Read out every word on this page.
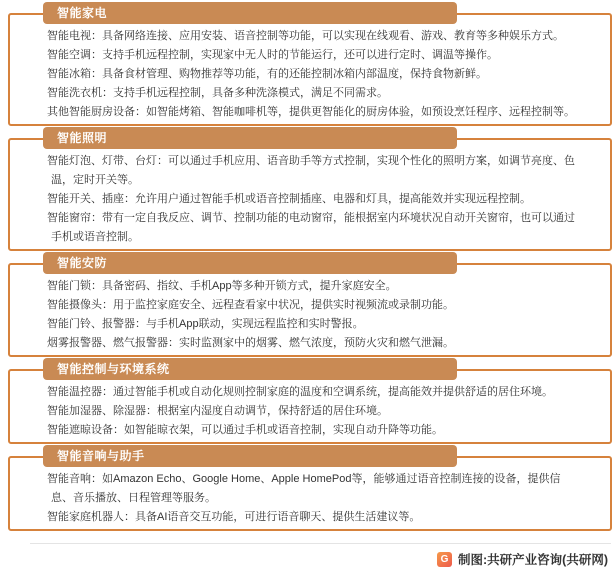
智能电视：具备网络连接、应用安装、语音控制等功能，可以实现在线观看、游戏、教育等多种娱乐方式。

智能空调：支持手机远程控制，实现家中无人时的节能运行，还可以进行定时、调温等操作。

智能冰箱：具备食材管理、购物推荐等功能，有的还能控制冰箱内部温度，保持食物新鲜。

智能洗衣机：支持手机远程控制，具备多种洗涤模式，满足不同需求。

其他智能厨房设备：如智能烤箱、智能咖啡机等，提供更智能化的厨房体验，如预设烹饪程序、远程控制等。

智能家电

智能灯泡、灯带、台灯：可以通过手机应用、语音助手等方式控制，实现个性化的照明方案，如调节亮度、色温，定时开关等。

智能开关、插座：允许用户通过智能手机或语音控制插座、电器和灯具，提高能效并实现远程控制。

智能窗帘：带有一定自我反应、调节、控制功能的电动窗帘，能根据室内环境状况自动开关窗帘，也可以通过手机或语音控制。

智能照明

智能门锁：具备密码、指纹、手机App等多种开锁方式，提升家庭安全。

智能摄像头：用于监控家庭安全、远程查看家中状况，提供实时视频流或录制功能。

智能门铃、报警器：与手机App联动，实现远程监控和实时警报。

烟雾报警器、燃气报警器：实时监测家中的烟雾、燃气浓度，预防火灾和燃气泄漏。

智能安防

智能温控器：通过智能手机或自动化规则控制家庭的温度和空调系统，提高能效并提供舒适的居住环境。

智能加湿器、除湿器：根据室内湿度自动调节，保持舒适的居住环境。

智能遮晾设备：如智能晾衣架，可以通过手机或语音控制，实现自动升降等功能。

智能控制与环境系统

智能音响：如Amazon Echo、Google Home、Apple HomePod等，能够通过语音控制连接的设备，提供信息、音乐播放、日程管理等服务。

智能家庭机器人：具备AI语音交互功能，可进行语音聊天、提供生活建议等。

智能音响与助手
G 制图:共研产业咨询(共研网)
